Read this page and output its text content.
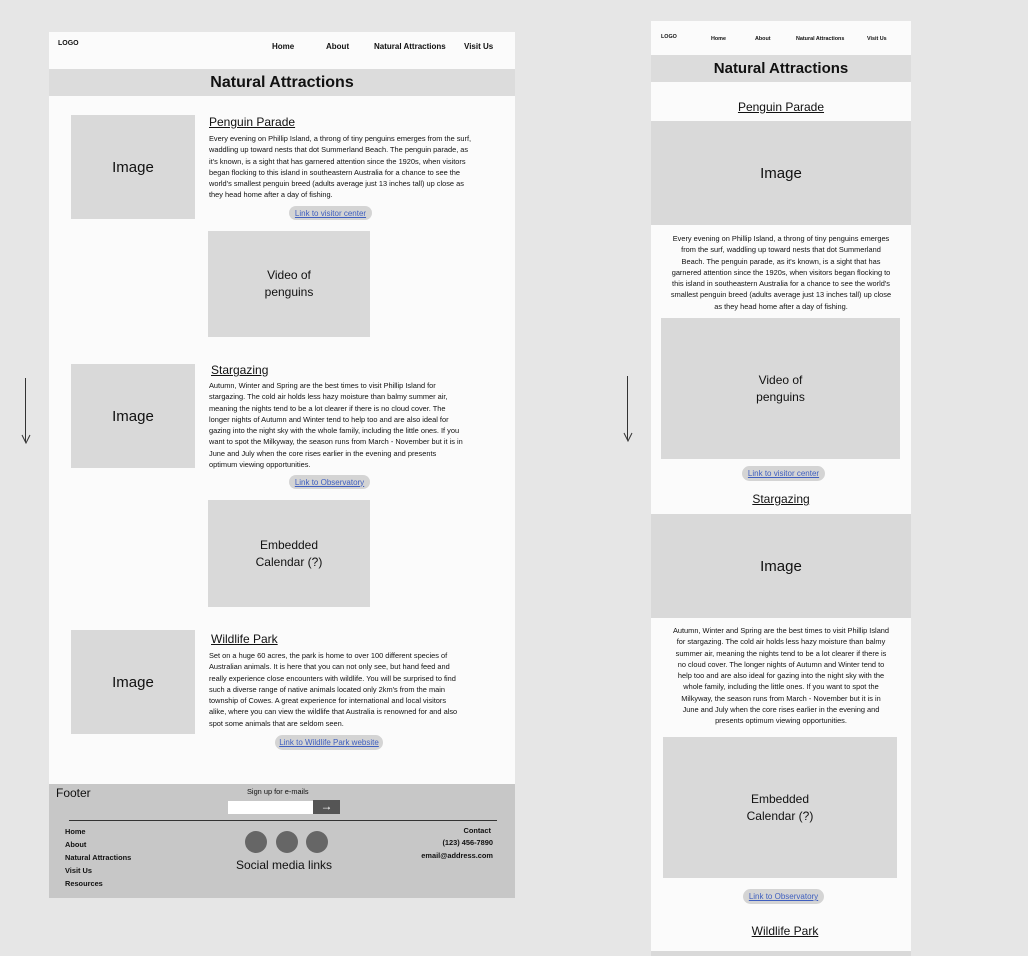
LOGO	Home	About	Natural Attractions Visit Us
Natural Attractions
Image
Penguin Parade
Every evening on Phillip Island, a throng of tiny penguins emerges from the surf,
waddling up toward nests that dot Summerland Beach. The penguin parade, as
it's known, is a sight that has garnered attention since the 1920s, when visitors
began flocking to this island in southeastern Australia for a chance to see the
world's smallest penguin breed (adults average just 13 inches tall) up close as
they head home after a day of fishing.
Link to visitor center
Video of
penguins
Image
Stargazing
Autumn, Winter and Spring are the best times to visit Phillip Island for
stargazing. The cold air holds less hazy moisture than balmy summer air,
meaning the nights tend to be a lot clearer if there is no cloud cover. The
longer nights of Autumn and Winter tend to help too and are also ideal for
gazing into the night sky with the whole family, including the little ones. If you
want to spot the Milkyway, the season runs from March - November but it is in
June and July when the core rises earlier in the evening and presents
optimum viewing opportunities.
Link to Observatory
Embedded
Calendar (?)
Image
Wildlife Park
Set on a huge 60 acres, the park is home to over 100 different species of
Australian animals. It is here that you can not only see, but hand feed and
really experience close encounters with wildlife. You will be surprised to find
such a diverse range of native animals located only 2km's from the main
township of Cowes. A great experience for international and local visitors
alike, where you can view the wildlife that Australia is renowned for and also
spot some animals that are seldom seen.
Link to Wildlife Park website
Footer	Sign up for e-mails
→
Home
About
Natural Attractions
Visit Us
Resources
Social media links
Contact
(123) 456-7890
email@address.com
LOGO	Home	About	Natural Attractions	Visit Us
Natural Attractions
Penguin Parade
Image
Every evening on Phillip Island, a throng of tiny penguins emerges
from the surf, waddling up toward nests that dot Summerland
Beach. The penguin parade, as it's known, is a sight that has
garnered attention since the 1920s, when visitors began flocking to
this island in southeastern Australia for a chance to see the world's
smallest penguin breed (adults average just 13 inches tall) up close
as they head home after a day of fishing.
Video of
penguins
Link to visitor center
Stargazing
Image
Autumn, Winter and Spring are the best times to visit Phillip Island
for stargazing. The cold air holds less hazy moisture than balmy
summer air, meaning the nights tend to be a lot clearer if there is
no cloud cover. The longer nights of Autumn and Winter tend to
help too and are also ideal for gazing into the night sky with the
whole family, including the little ones. If you want to spot the
Milkyway, the season runs from March - November but it is in
June and July when the core rises earlier in the evening and
presents optimum viewing opportunities.
Embedded
Calendar (?)
Link to Observatory
Wildlife Park
